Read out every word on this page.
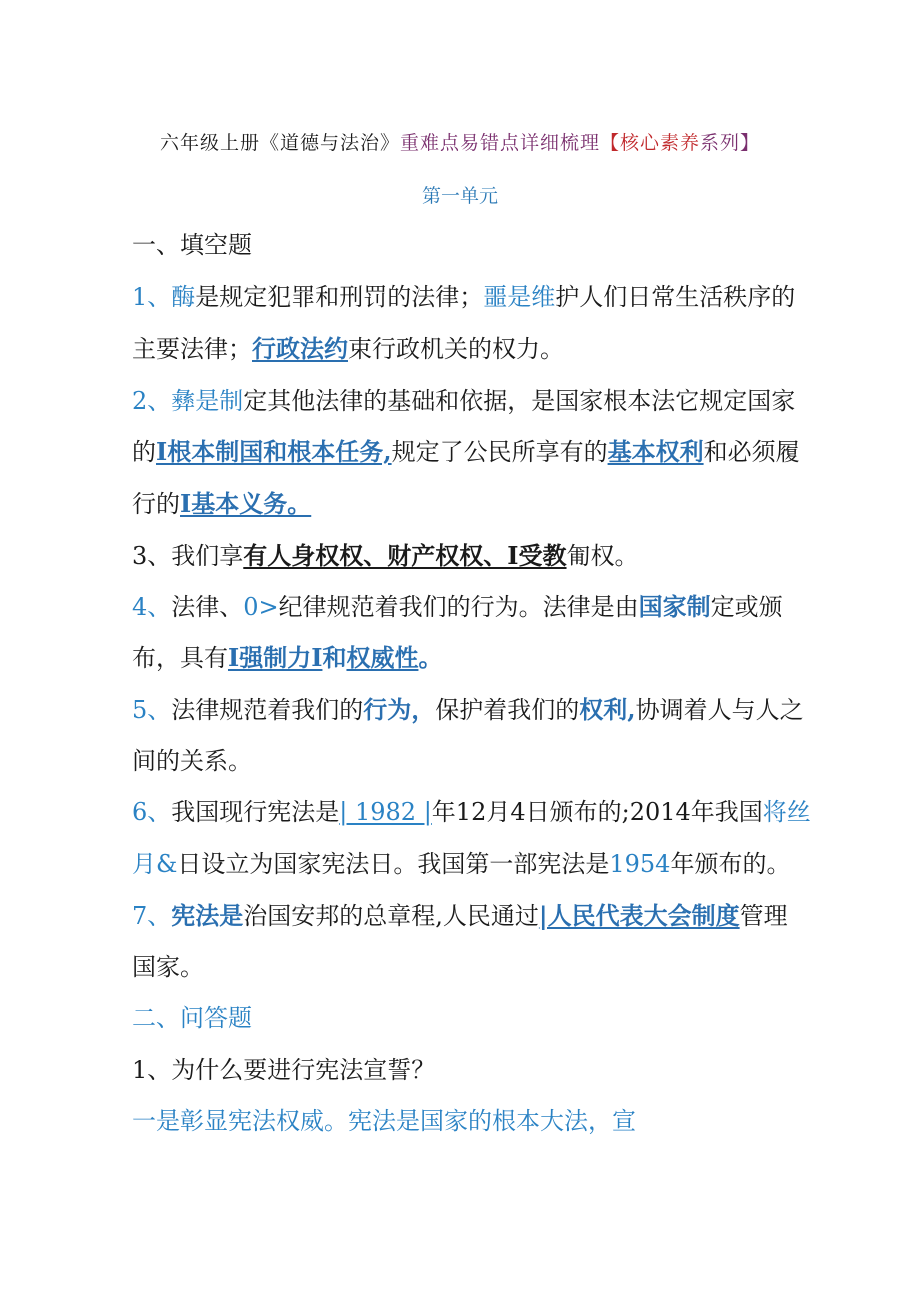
六年级上册《道德与法治》重难点易错点详细梳理【核心素养系列】
第一单元
一、填空题
1、酶是规定犯罪和刑罚的法律；噩是维护人们日常生活秩序的
主要法律；行政法约束行政机关的权力。
2、彝是制定其他法律的基础和依据，是国家根本法它规定国家
的I根本制国和根本任务,规定了公民所享有的基本权利和必须履
行的I基本义务。
3、我们享有人身权权、财产权权、I受教匍权。
4、法律、0>纪律规范着我们的行为。法律是由国家制定或颁
布，具有I强制力I和权威性。
5、法律规范着我们的行为，保护着我们的权利,协调着人与人之
间的关系。
6、我国现行宪法是| 1982 |年12月4日颁布的;2014年我国将丝
月&日设立为国家宪法日。我国第一部宪法是1954年颁布的。
7、宪法是治国安邦的总章程,人民通过|人民代表大会制度管理
国家。
二、问答题
1、为什么要进行宪法宣誓？
一是彰显宪法权威。宪法是国家的根本大法，宣
